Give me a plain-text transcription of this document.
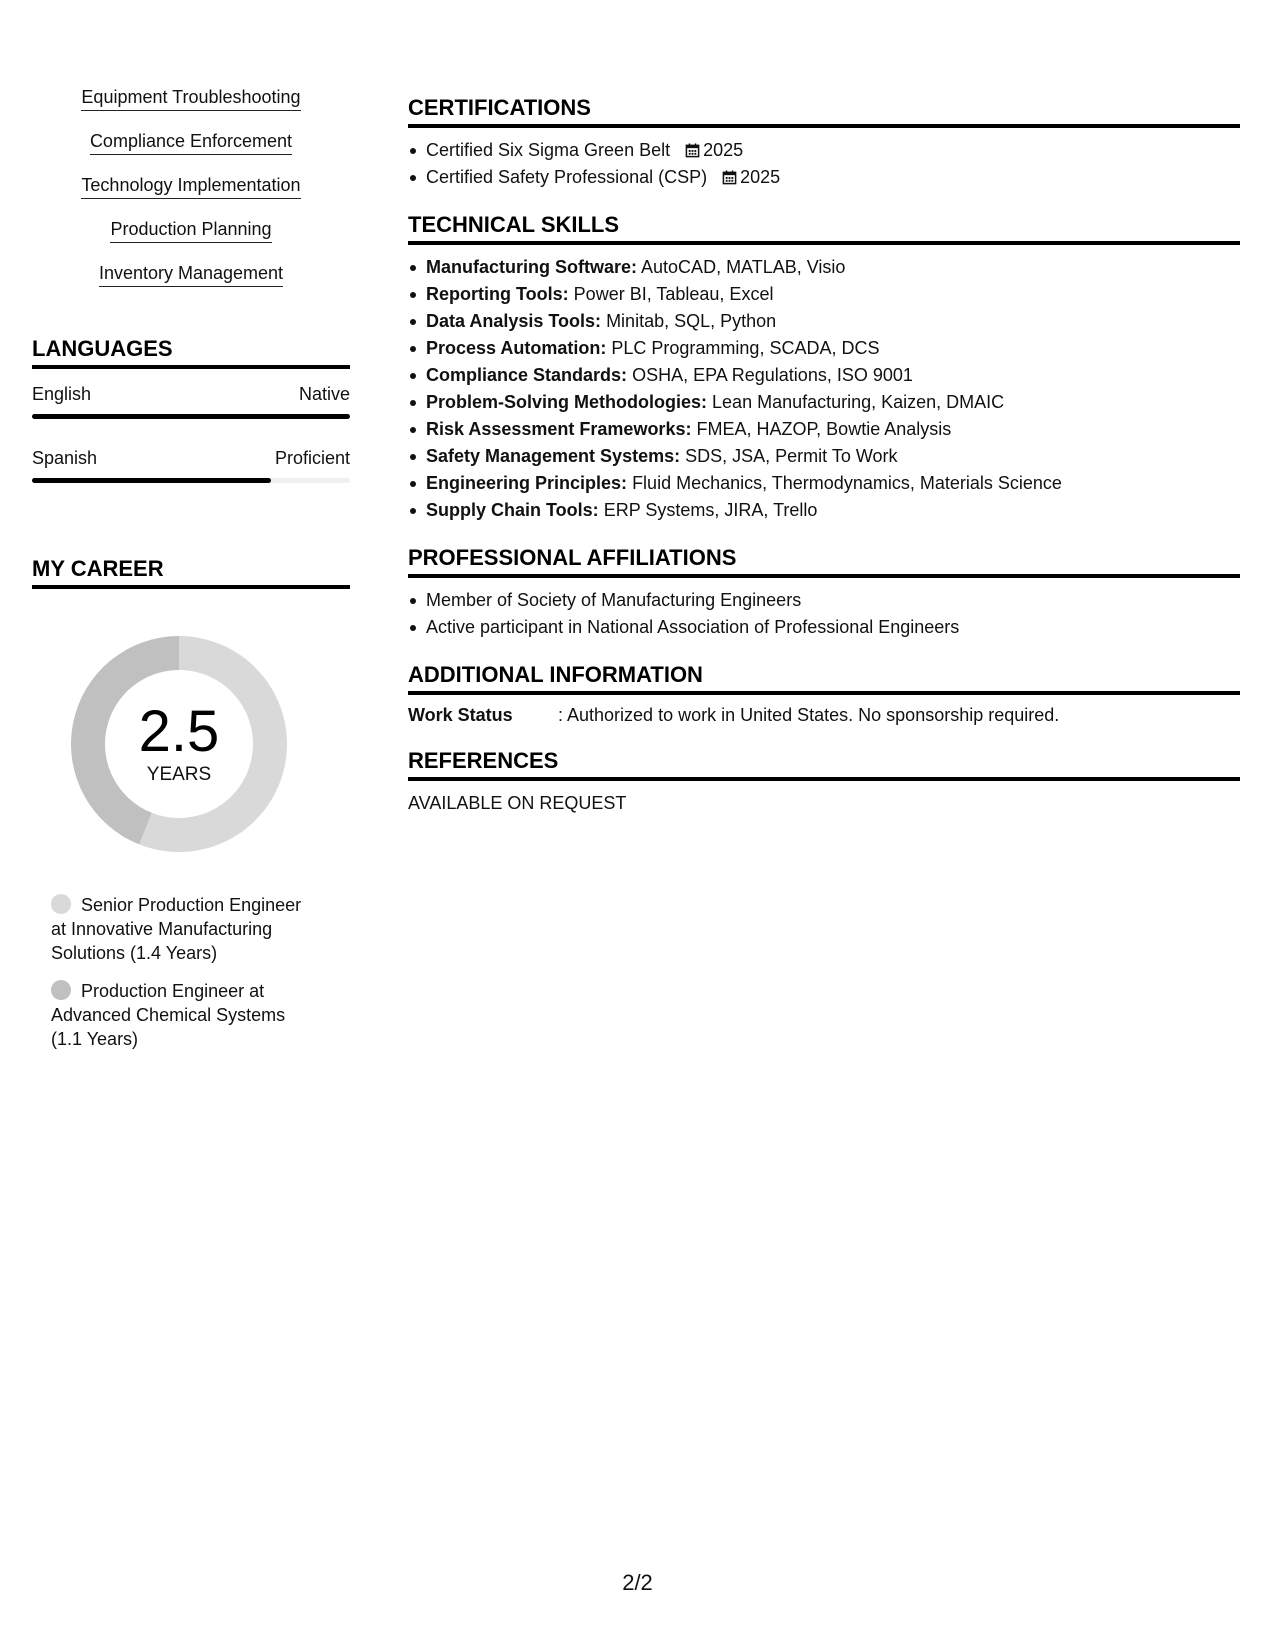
Equipment Troubleshooting
Compliance Enforcement
Technology Implementation
Production Planning
Inventory Management
LANGUAGES
English	Native
Spanish	Proficient
MY CAREER
2.5
YEARS
Senior Production Engineer at Innovative Manufacturing Solutions (1.4 Years)
Production Engineer at Advanced Chemical Systems (1.1 Years)
CERTIFICATIONS
Certified Six Sigma Green Belt 2025
Certified Safety Professional (CSP) 2025
TECHNICAL SKILLS
Manufacturing Software: AutoCAD, MATLAB, Visio
Reporting Tools: Power BI, Tableau, Excel
Data Analysis Tools: Minitab, SQL, Python
Process Automation: PLC Programming, SCADA, DCS
Compliance Standards: OSHA, EPA Regulations, ISO 9001
Problem-Solving Methodologies: Lean Manufacturing, Kaizen, DMAIC
Risk Assessment Frameworks: FMEA, HAZOP, Bowtie Analysis
Safety Management Systems: SDS, JSA, Permit To Work
Engineering Principles: Fluid Mechanics, Thermodynamics, Materials Science
Supply Chain Tools: ERP Systems, JIRA, Trello
PROFESSIONAL AFFILIATIONS
Member of Society of Manufacturing Engineers
Active participant in National Association of Professional Engineers
ADDITIONAL INFORMATION
Work Status	: Authorized to work in United States. No sponsorship required.
REFERENCES
AVAILABLE ON REQUEST
2/2
